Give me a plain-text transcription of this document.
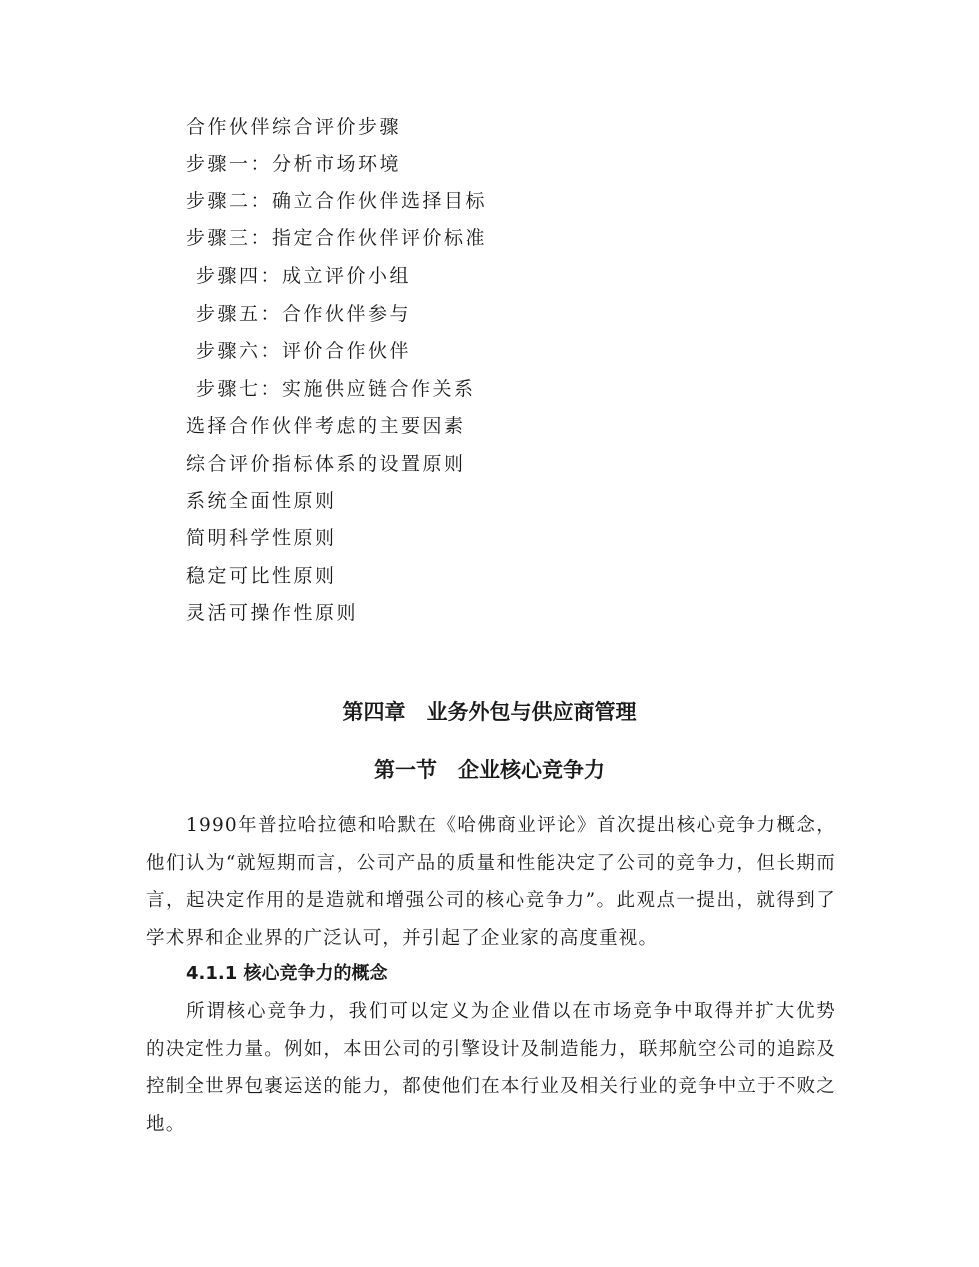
合作伙伴综合评价步骤
步骤一：分析市场环境
步骤二：确立合作伙伴选择目标
步骤三：指定合作伙伴评价标准
步骤四：成立评价小组
步骤五：合作伙伴参与
步骤六：评价合作伙伴
步骤七：实施供应链合作关系
选择合作伙伴考虑的主要因素
综合评价指标体系的设置原则
系统全面性原则
简明科学性原则
稳定可比性原则
灵活可操作性原则
第四章　业务外包与供应商管理
第一节　企业核心竞争力
1990年普拉哈拉德和哈默在《哈佛商业评论》首次提出核心竞争力概念，他们认为“就短期而言，公司产品的质量和性能决定了公司的竞争力，但长期而言，起决定作用的是造就和增强公司的核心竞争力”。此观点一提出，就得到了学术界和企业界的广泛认可，并引起了企业家的高度重视。
4.1.1 核心竞争力的概念
所谓核心竞争力，我们可以定义为企业借以在市场竞争中取得并扩大优势的决定性力量。例如，本田公司的引擎设计及制造能力，联邦航空公司的追踪及控制全世界包裹运送的能力，都使他们在本行业及相关行业的竞争中立于不败之地。
